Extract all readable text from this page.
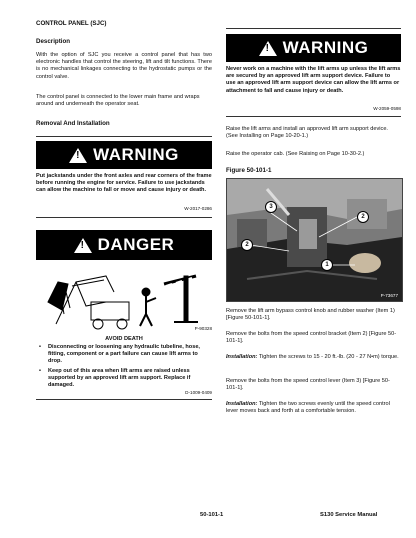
CONTROL PANEL (SJC)
Description
With the option of SJC you receive a control panel that has two electronic handles that control the steering, lift and tilt functions. There is no mechanical linkages connecting to the hydrostatic pumps or the control valve.
The control panel is connected to the lower main frame and wraps around and underneath the operator seat.
Removal And Installation
! WARNING
Put jackstands under the front axles and rear corners of the frame before running the engine for service. Failure to use jackstands can allow the machine to fall or move and cause injury or death.
W-2017-0286
! DANGER
P-90328
AVOID DEATH
• Disconnecting or loosening any hydraulic tubeline, hose, fitting, component or a part failure can cause lift arms to drop.
• Keep out of this area when lift arms are raised unless supported by an approved lift arm support. Replace if damaged.
D-1009-0409
! WARNING
Never work on a machine with the lift arms up unless the lift arms are secured by an approved lift arm support device. Failure to use an approved lift arm support device can allow the lift arms or attachment to fall and cause injury or death.
W-2059-0598
Raise the lift arms and install an approved lift arm support device. (See Installing on Page 10-20-1.)
Raise the operator cab. (See Raising on Page 10-30-2.)
Figure 50-101-1
3
2
2
1
P-73677
Remove the lift arm bypass control knob and rubber washer (Item 1) [Figure 50-101-1].
Remove the bolts from the speed control bracket (Item 2) [Figure 50-101-1].
Installation: Tighten the screws to 15 - 20 ft.-lb. (20 - 27 N•m) torque.
Remove the bolts from the speed control lever (Item 3) [Figure 50-101-1].
Installation: Tighten the two screws evenly until the speed control lever moves back and forth at a comfortable tension.
50-101-1	S130 Service Manual
